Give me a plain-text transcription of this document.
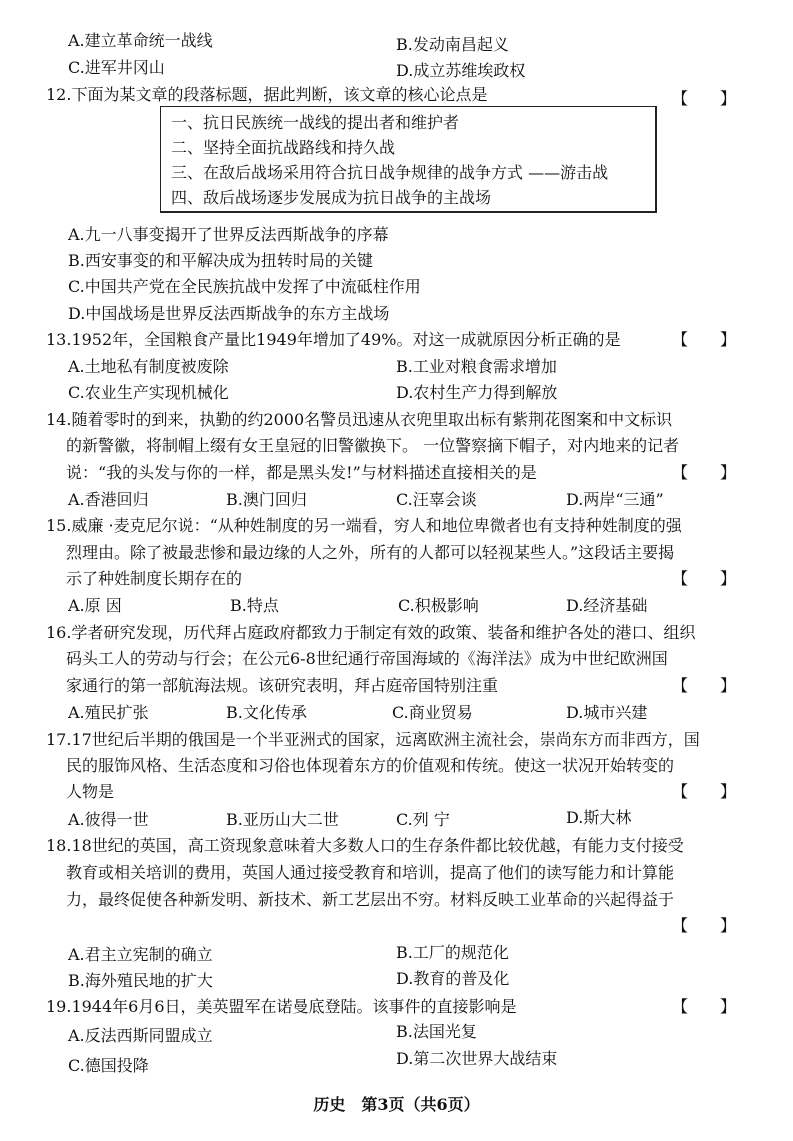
A.建立革命统一战线	B.发动南昌起义
C.进军井冈山	D.成立苏维埃政权
12.下面为某文章的段落标题，据此判断，该文章的核心论点是	【　　】
一、抗日民族统一战线的提出者和维护者
二、坚持全面抗战路线和持久战
三、在敌后战场采用符合抗日战争规律的战争方式 ——游击战
四、敌后战场逐步发展成为抗日战争的主战场
A.九一八事变揭开了世界反法西斯战争的序幕
B.西安事变的和平解决成为扭转时局的关键
C.中国共产党在全民族抗战中发挥了中流砥柱作用
D.中国战场是世界反法西斯战争的东方主战场
13.1952年，全国粮食产量比1949年增加了49%。对这一成就原因分析正确的是	【　　】
A.土地私有制度被废除	B.工业对粮食需求增加
C.农业生产实现机械化	D.农村生产力得到解放
14.随着零时的到来，执勤的约2000名警员迅速从衣兜里取出标有紫荆花图案和中文标识
的新警徽，将制帽上缀有女王皇冠的旧警徽换下。 一位警察摘下帽子，对内地来的记者
说：“我的头发与你的一样，都是黑头发!”与材料描述直接相关的是	【　　】
A.香港回归	B.澳门回归	C.汪辜会谈	D.两岸“三通”
15.威廉 ·麦克尼尔说：“从种姓制度的另一端看，穷人和地位卑微者也有支持种姓制度的强
烈理由。除了被最悲惨和最边缘的人之外，所有的人都可以轻视某些人。”这段话主要揭
示了种姓制度长期存在的	【　　】
A.原 因	B.特点	C.积极影响	D.经济基础
16.学者研究发现，历代拜占庭政府都致力于制定有效的政策、装备和维护各处的港口、组织
码头工人的劳动与行会；在公元6-8世纪通行帝国海域的《海洋法》成为中世纪欧洲国
家通行的第一部航海法规。该研究表明，拜占庭帝国特别注重	【　　】
A.殖民扩张	B.文化传承	C.商业贸易	D.城市兴建
17.17世纪后半期的俄国是一个半亚洲式的国家，远离欧洲主流社会，崇尚东方而非西方，国
民的服饰风格、生活态度和习俗也体现着东方的价值观和传统。使这一状况开始转变的
人物是	【　　】
A.彼得一世	B.亚历山大二世	C.列 宁	D.斯大林
18.18世纪的英国，高工资现象意味着大多数人口的生存条件都比较优越，有能力支付接受
教育或相关培训的费用，英国人通过接受教育和培训，提高了他们的读写能力和计算能
力，最终促使各种新发明、新技术、新工艺层出不穷。材料反映工业革命的兴起得益于
【　　】
A.君主立宪制的确立	B.工厂的规范化
B.海外殖民地的扩大	D.教育的普及化
19.1944年6月6日，美英盟军在诺曼底登陆。该事件的直接影响是	【　　】
A.反法西斯同盟成立	B.法国光复
C.德国投降	D.第二次世界大战结束
历史　第3页（共6页）
